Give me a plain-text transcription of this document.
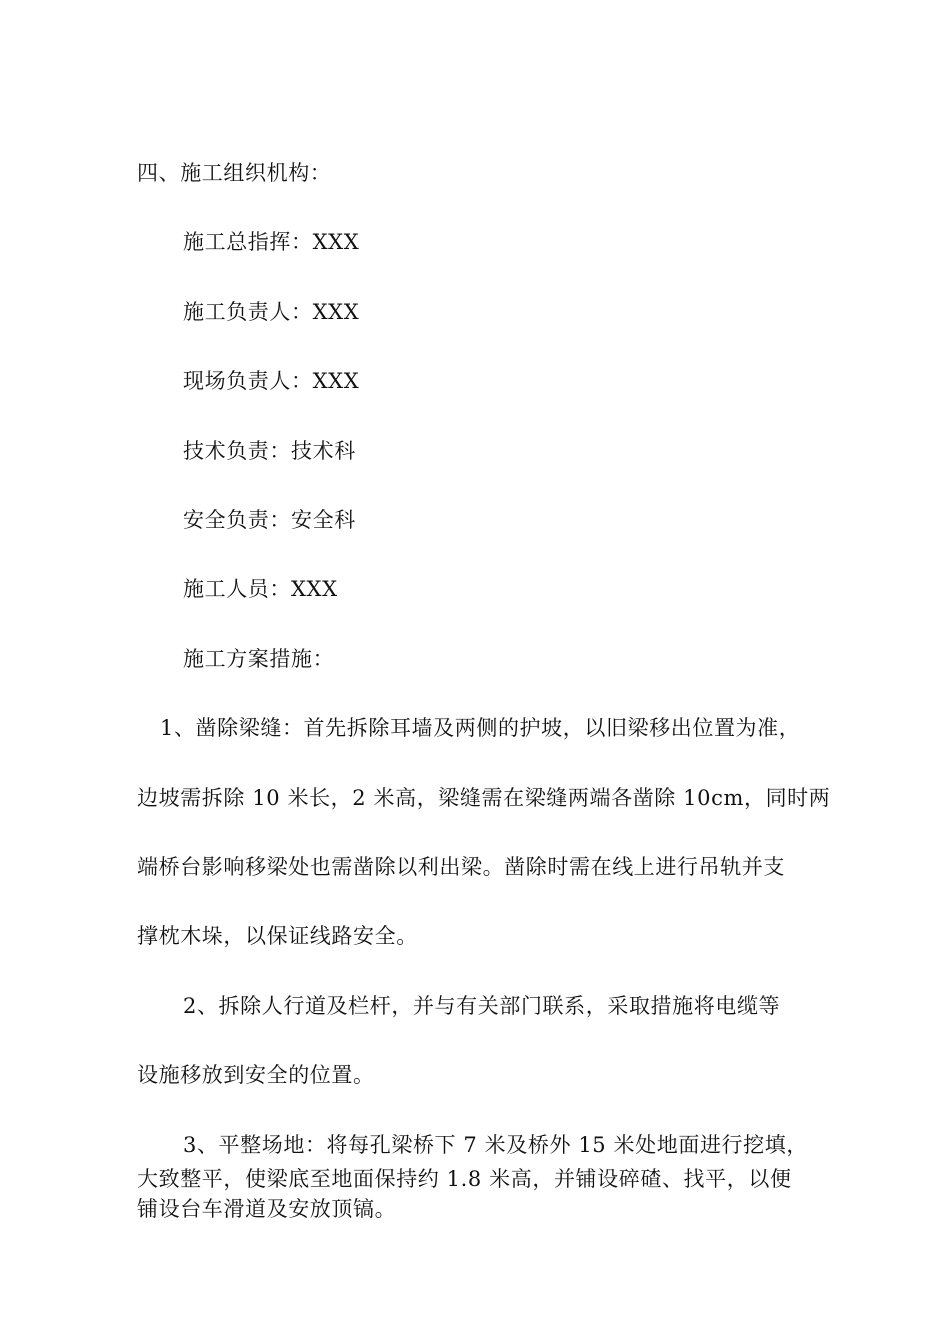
四、施工组织机构：
施工总指挥：XXX
施工负责人：XXX
现场负责人：XXX
技术负责：技术科
安全负责：安全科
施工人员：XXX
施工方案措施：
1、凿除梁缝：首先拆除耳墙及两侧的护坡，以旧梁移出位置为准，
边坡需拆除 10 米长，2 米高，梁缝需在梁缝两端各凿除 10cm，同时两
端桥台影响移梁处也需凿除以利出梁。凿除时需在线上进行吊轨并支
撑枕木垛，以保证线路安全。
2、拆除人行道及栏杆，并与有关部门联系，采取措施将电缆等
设施移放到安全的位置。
3、平整场地：将每孔梁桥下 7 米及桥外 15 米处地面进行挖填，
大致整平，使梁底至地面保持约 1.8 米高，并铺设碎碴、找平，以便
铺设台车滑道及安放顶镐。
